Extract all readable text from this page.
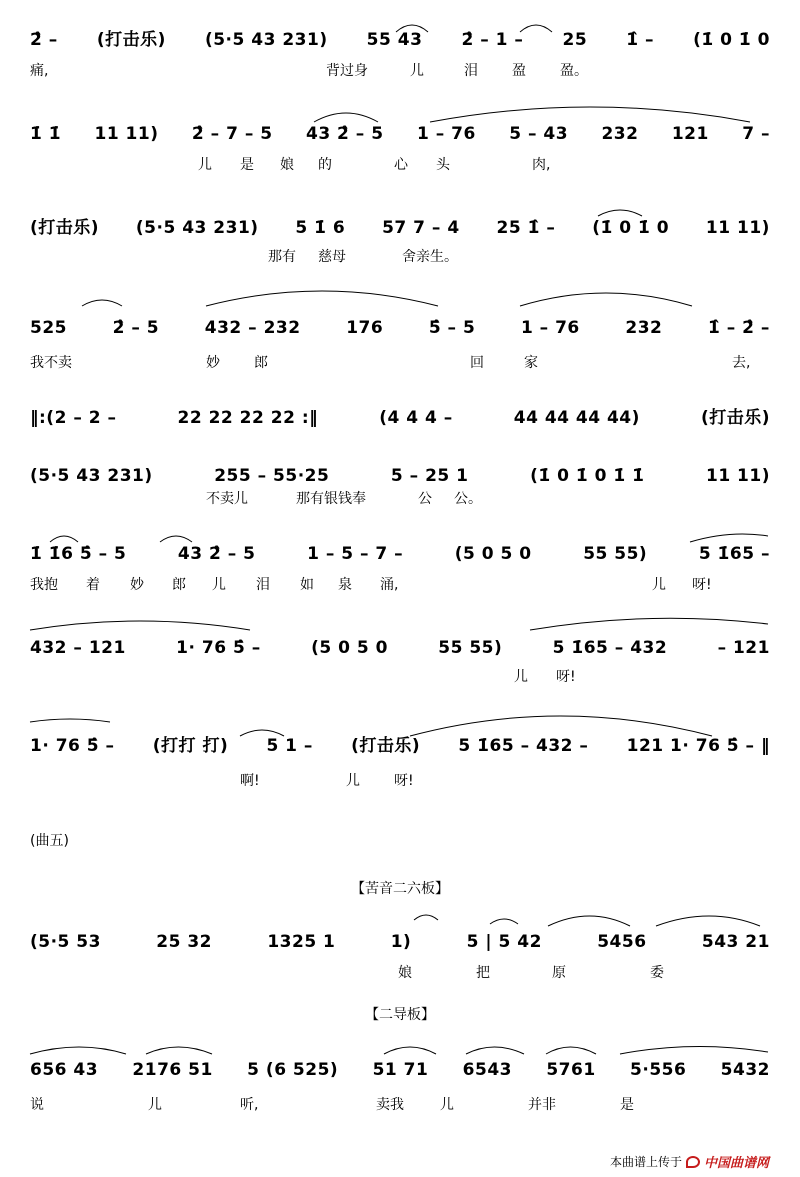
2̂ – (打击乐) (5·5 43 231) 55 43 2̂ – 1 – 25 1̂ – (1̇ 0 1̇ 0
痛,	背过身	儿	泪 盈 盈。
1̇ 1̇ 11 11) 2̂ – 7 – 5 43 2̂ – 5 1 – 76 5 – 43 232 121 7 –
儿 是 娘 的	心 头	肉,
(打击乐) (5·5 43 231) 5 1̇ 6 57 7 – 4 25 1̂ – (1̇ 0 1̇ 0 11 11)
那有 慈母	舍亲生。
525	2̂ – 5	432 – 232	176	5̂ – 5	1 – 76	232	1̂ – 2̂ –
我不卖	妙 郎	回	家	去,
‖:(2 – 2 –	22 22 22 22 :‖	(4 4 4 –	44 44 44 44)	(打击乐)
(5·5 43 231)	255 – 55·25	5 – 25 1	(1̇ 0 1̇ 0 1̇ 1̇	11 11)
不卖儿	那有银钱奉	公 公。
1̇ 1̇6 5̂ – 5	43 2̂ – 5	1 – 5 – 7 –	(5 0 5 0	55 55)	5 1̇65 –
我抱 着 妙 郎 儿 泪 如 泉 涌,	儿 呀!
432 – 121	1· 76 5̂ –	(5 0 5 0	55 55)	5 1̇65 – 432	– 121
儿 呀!
1· 76 5̂ – (打打 打) 5 1 – (打击乐) 5 1̇65 – 432 – 121 1· 76 5̂ – ‖
啊!	儿 呀!
(曲五)
【苦音二六板】
(5·5 53	25 32	1325 1	1)	5 | 5 42	5456	543 21
娘	把	原	委
【二导板】
656 43 2176 51 5 (6 525) 51 71 6543 5761 5·556 5432
说	儿	听,	卖我	儿	并非	是
本曲谱上传于 中国曲谱网
